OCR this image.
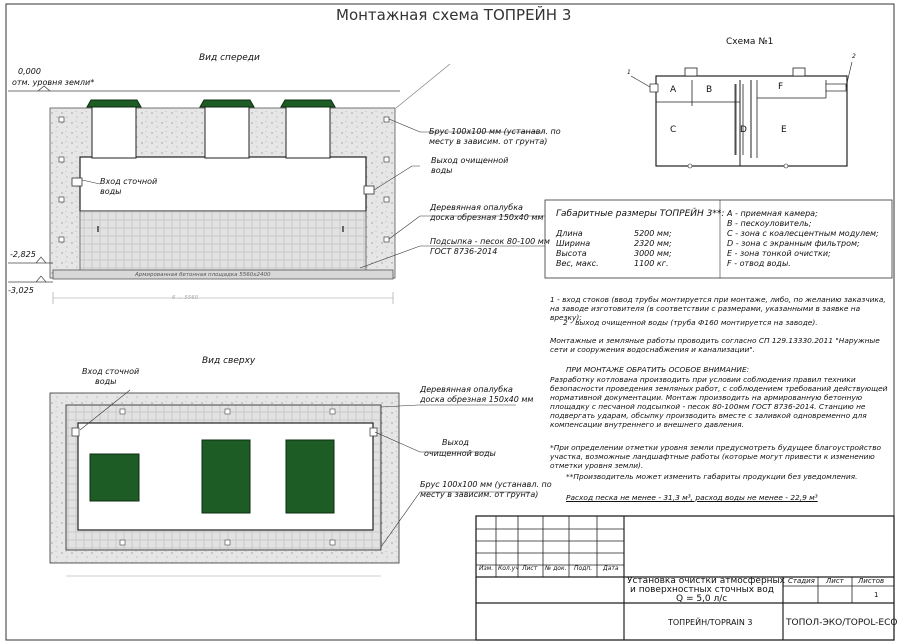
Монтажная схема ТОПРЕЙН 3
Вид спереди
0,000
отм. уровня земли*
-2,825
-3,025
Брус 100х100 мм (устанавл. по
месту в зависим. от грунта)
Выход очищенной
воды
Вход сточной
воды
Деревянная опалубка
доска обрезная 150х40 мм
Подсыпка - песок 80-100 мм
ГОСТ 8736-2014
Армированная бетонная площадка 5560х2400
6 ... 5560
Вид сверху
Вход сточной
воды
Деревянная опалубка
доска обрезная 150х40 мм
Выход
очищенной воды
Брус 100х100 мм (устанавл. по
месту в зависим. от грунта)
Схема №1
1
2
A	B
C	D	E
F
Габаритные размеры ТОПРЕЙН 3**:
Длина	5200 мм;
Ширина	2320 мм;
Высота	3000 мм;
Вес, макс.	1100 кг.
A - приемная камера;
B - пескоуловитель;
C - зона с коалесцентным модулем;
D - зона с экранным фильтром;
E - зона тонкой очистки;
F - отвод воды.
1 - вход стоков (ввод трубы монтируется при монтаже, либо, по желанию заказчика, на заводе изготовителя (в соответствии с размерами, указанными в заявке на врезку);
2 - выход очищенной воды (труба Ф160 монтируется на заводе).
Монтажные и земляные работы проводить согласно СП 129.13330.2011 "Наружные сети и сооружения водоснабжения и канализации".
ПРИ МОНТАЖЕ ОБРАТИТЬ ОСОБОЕ ВНИМАНИЕ:
Разработку котлована производить при условии соблюдения правил техники безопасности проведения земляных работ, с соблюдением требований действующей нормативной документации. Монтаж производить на армированную бетонную площадку с песчаной подсыпкой - песок 80-100мм ГОСТ 8736-2014. Станцию не подвергать ударам, обсыпку производить вместе с заливкой одновременно для компенсации внутреннего и внешнего давления.
*При определении отметки уровня земли предусмотреть будущее благоустройство участка, возможные ландшафтные работы (которые могут привести к изменению отметки уровня земли).
**Производитель может изменить габариты продукции без уведомления.
Расход песка не менее - 31,3 м³, расход воды не менее - 22,9 м³
Изм. Кол.уч Лист № док. Подп. Дата
Установка очистки атмосферных
и поверхностных сточных вод
Q = 5,0 л/с
Стадия Лист Листов
1
ТОПРЕЙН/TOPRAIN 3	ТОПОЛ-ЭКО/TOPOL-ECO
